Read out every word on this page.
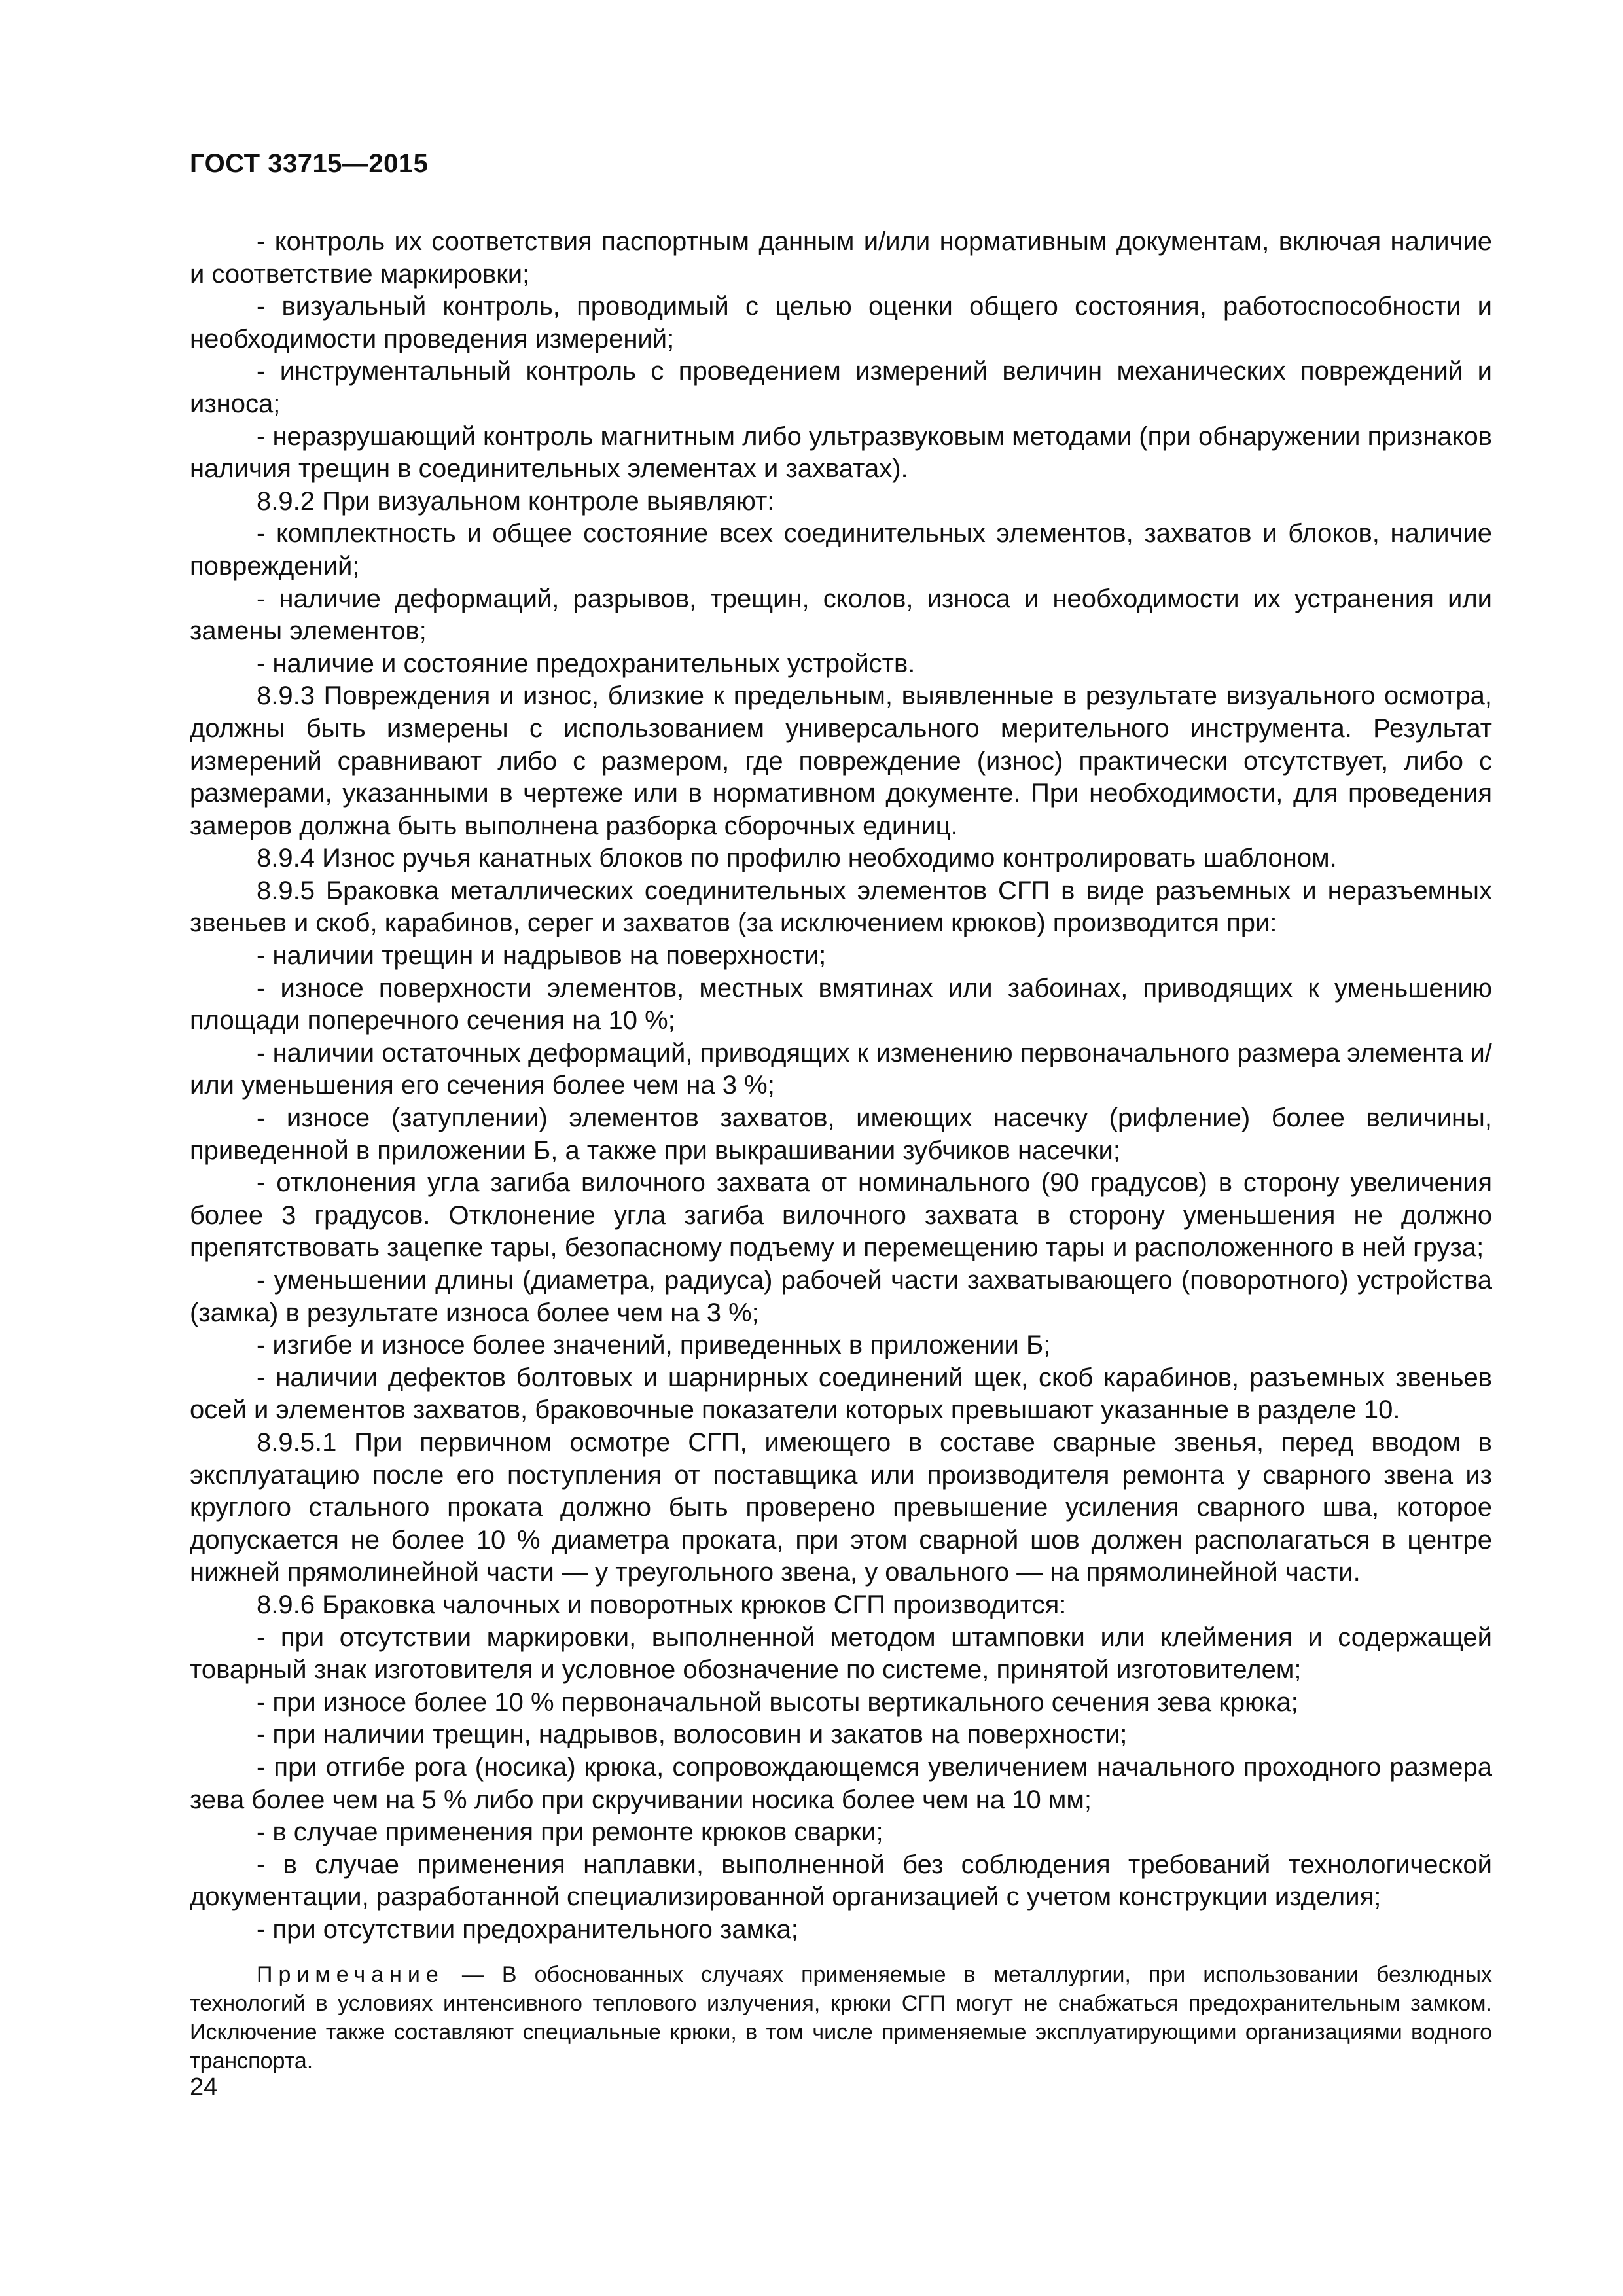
ГОСТ 33715—2015

- контроль их соответствия паспортным данным и/или нормативным документам, включая наличие и соответствие маркировки;

- визуальный контроль, проводимый с целью оценки общего состояния, работоспособности и необходимости проведения измерений;

- инструментальный контроль с проведением измерений величин механических повреждений и износа;

- неразрушающий контроль магнитным либо ультразвуковым методами (при обнаружении признаков наличия трещин в соединительных элементах и захватах).

8.9.2 При визуальном контроле выявляют:

- комплектность и общее состояние всех соединительных элементов, захватов и блоков, наличие повреждений;

- наличие деформаций, разрывов, трещин, сколов, износа и необходимости их устранения или замены элементов;

- наличие и состояние предохранительных устройств.

8.9.3 Повреждения и износ, близкие к предельным, выявленные в результате визуального осмотра, должны быть измерены с использованием универсального мерительного инструмента. Результат измерений сравнивают либо с размером, где повреждение (износ) практически отсутствует, либо с размерами, указанными в чертеже или в нормативном документе. При необходимости, для проведения замеров должна быть выполнена разборка сборочных единиц.

8.9.4 Износ ручья канатных блоков по профилю необходимо контролировать шаблоном.

8.9.5 Браковка металлических соединительных элементов СГП в виде разъемных и неразъемных звеньев и скоб, карабинов, серег и захватов (за исключением крюков) производится при:

- наличии трещин и надрывов на поверхности;

- износе поверхности элементов, местных вмятинах или забоинах, приводящих к уменьшению площади поперечного сечения на 10 %;

- наличии остаточных деформаций, приводящих к изменению первоначального размера элемента и/или уменьшения его сечения более чем на 3 %;

- износе (затуплении) элементов захватов, имеющих насечку (рифление) более величины, приведенной в приложении Б, а также при выкрашивании зубчиков насечки;

- отклонения угла загиба вилочного захвата от номинального (90 градусов) в сторону увеличения более 3 градусов. Отклонение угла загиба вилочного захвата в сторону уменьшения не должно препятствовать зацепке тары, безопасному подъему и перемещению тары и расположенного в ней груза;

- уменьшении длины (диаметра, радиуса) рабочей части захватывающего (поворотного) устройства (замка) в результате износа более чем на 3 %;

- изгибе и износе более значений, приведенных в приложении Б;

- наличии дефектов болтовых и шарнирных соединений щек, скоб карабинов, разъемных звеньев осей и элементов захватов, браковочные показатели которых превышают указанные в разделе 10.

8.9.5.1 При первичном осмотре СГП, имеющего в составе сварные звенья, перед вводом в эксплуатацию после его поступления от поставщика или производителя ремонта у сварного звена из круглого стального проката должно быть проверено превышение усиления сварного шва, которое допускается не более 10 % диаметра проката, при этом сварной шов должен располагаться в центре нижней прямолинейной части — у треугольного звена, у овального — на прямолинейной части.

8.9.6 Браковка чалочных и поворотных крюков СГП производится:

- при отсутствии маркировки, выполненной методом штамповки или клеймения и содержащей товарный знак изготовителя и условное обозначение по системе, принятой изготовителем;

- при износе более 10 % первоначальной высоты вертикального сечения зева крюка;

- при наличии трещин, надрывов, волосовин и закатов на поверхности;

- при отгибе рога (носика) крюка, сопровождающемся увеличением начального проходного размера зева более чем на 5 % либо при скручивании носика более чем на 10 мм;

- в случае применения при ремонте крюков сварки;

- в случае применения наплавки, выполненной без соблюдения требований технологической документации, разработанной специализированной организацией с учетом конструкции изделия;

- при отсутствии предохранительного замка;

Примечание — В обоснованных случаях применяемые в металлургии, при использовании безлюдных технологий в условиях интенсивного теплового излучения, крюки СГП могут не снабжаться предохранительным замком. Исключение также составляют специальные крюки, в том числе применяемые эксплуатирующими организациями водного транспорта.

24
